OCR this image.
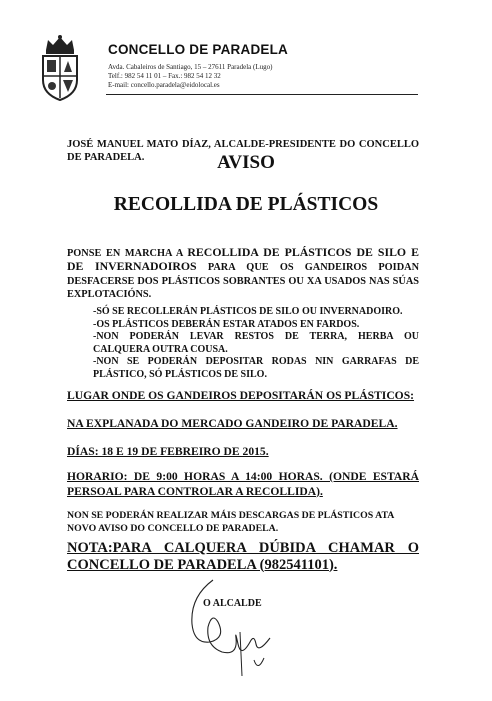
CONCELLO DE PARADELA
Avda. Cabaleiros de Santiago, 15 – 27611 Paradela (Lugo)
Telf.: 982 54 11 01 – Fax.: 982 54 12 32
E-mail: concello.paradela@eidolocal.es
JOSÉ MANUEL MATO DÍAZ, ALCALDE-PRESIDENTE DO CONCELLO DE PARADELA.	AVISO
RECOLLIDA DE PLÁSTICOS
PONSE EN MARCHA A RECOLLIDA DE PLÁSTICOS DE SILO E DE INVERNADOIROS PARA QUE OS GANDEIROS POIDAN DESFACERSE DOS PLÁSTICOS SOBRANTES OU XA USADOS NAS SÚAS EXPLOTACIÓNS.
-SÓ SE RECOLLERÁN PLÁSTICOS DE SILO OU INVERNADOIRO.
-OS PLÁSTICOS DEBERÁN ESTAR ATADOS EN FARDOS.
-NON PODERÁN LEVAR RESTOS DE TERRA, HERBA OU CALQUERA OUTRA COUSA.
-NON SE PODERÁN DEPOSITAR RODAS NIN GARRAFAS DE PLÁSTICO, SÓ PLÁSTICOS DE SILO.
LUGAR ONDE OS GANDEIROS DEPOSITARÁN OS PLÁSTICOS:
NA EXPLANADA DO MERCADO GANDEIRO DE PARADELA.
DÍAS: 18 E 19 DE FEBREIRO DE 2015.
HORARIO: DE 9:00 HORAS A 14:00 HORAS. (ONDE ESTARÁ PERSOAL PARA CONTROLAR A RECOLLIDA).
NON SE PODERÁN REALIZAR MÁIS DESCARGAS DE PLÁSTICOS ATA NOVO AVISO DO CONCELLO DE PARADELA.
NOTA:PARA CALQUERA DÚBIDA CHAMAR O CONCELLO DE PARADELA (982541101).
O ALCALDE
